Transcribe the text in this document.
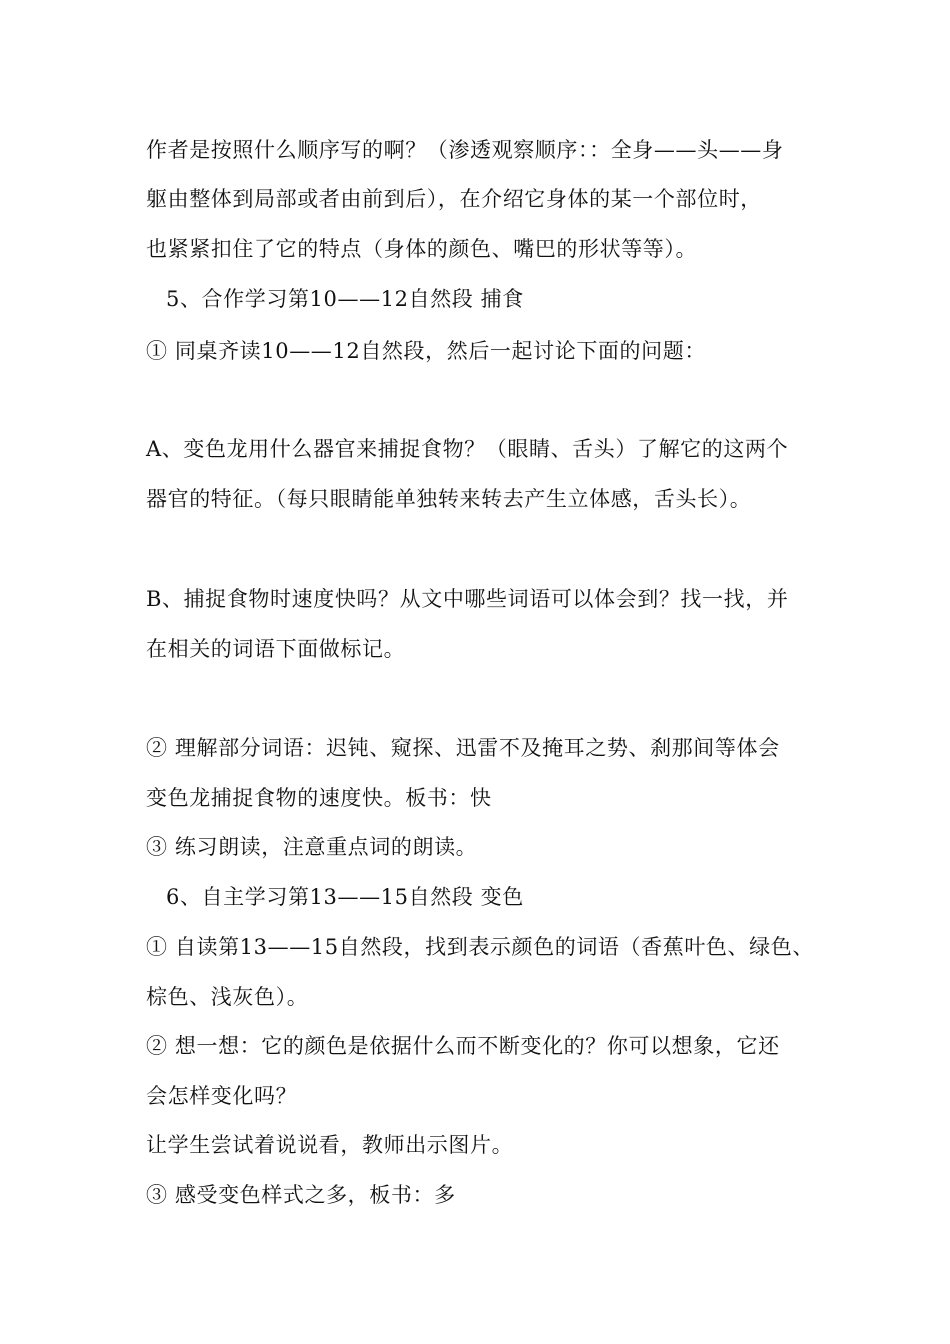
作者是按照什么顺序写的啊？（渗透观察顺序：：全身——头——身
躯由整体到局部或者由前到后），在介绍它身体的某一个部位时，
也紧紧扣住了它的特点（身体的颜色、嘴巴的形状等等）。
5、合作学习第10——12自然段 捕食
① 同桌齐读10——12自然段，然后一起讨论下面的问题：
A、变色龙用什么器官来捕捉食物？（眼睛、舌头）了解它的这两个
器官的特征。（每只眼睛能单独转来转去产生立体感，舌头长）。
B、捕捉食物时速度快吗？从文中哪些词语可以体会到？找一找，并
在相关的词语下面做标记。
② 理解部分词语：迟钝、窥探、迅雷不及掩耳之势、刹那间等体会
变色龙捕捉食物的速度快。板书：快
③ 练习朗读，注意重点词的朗读。
6、自主学习第13——15自然段 变色
① 自读第13——15自然段，找到表示颜色的词语（香蕉叶色、绿色、
棕色、浅灰色）。
② 想一想：它的颜色是依据什么而不断变化的？你可以想象，它还
会怎样变化吗？
让学生尝试着说说看，教师出示图片。
③ 感受变色样式之多，板书：多
